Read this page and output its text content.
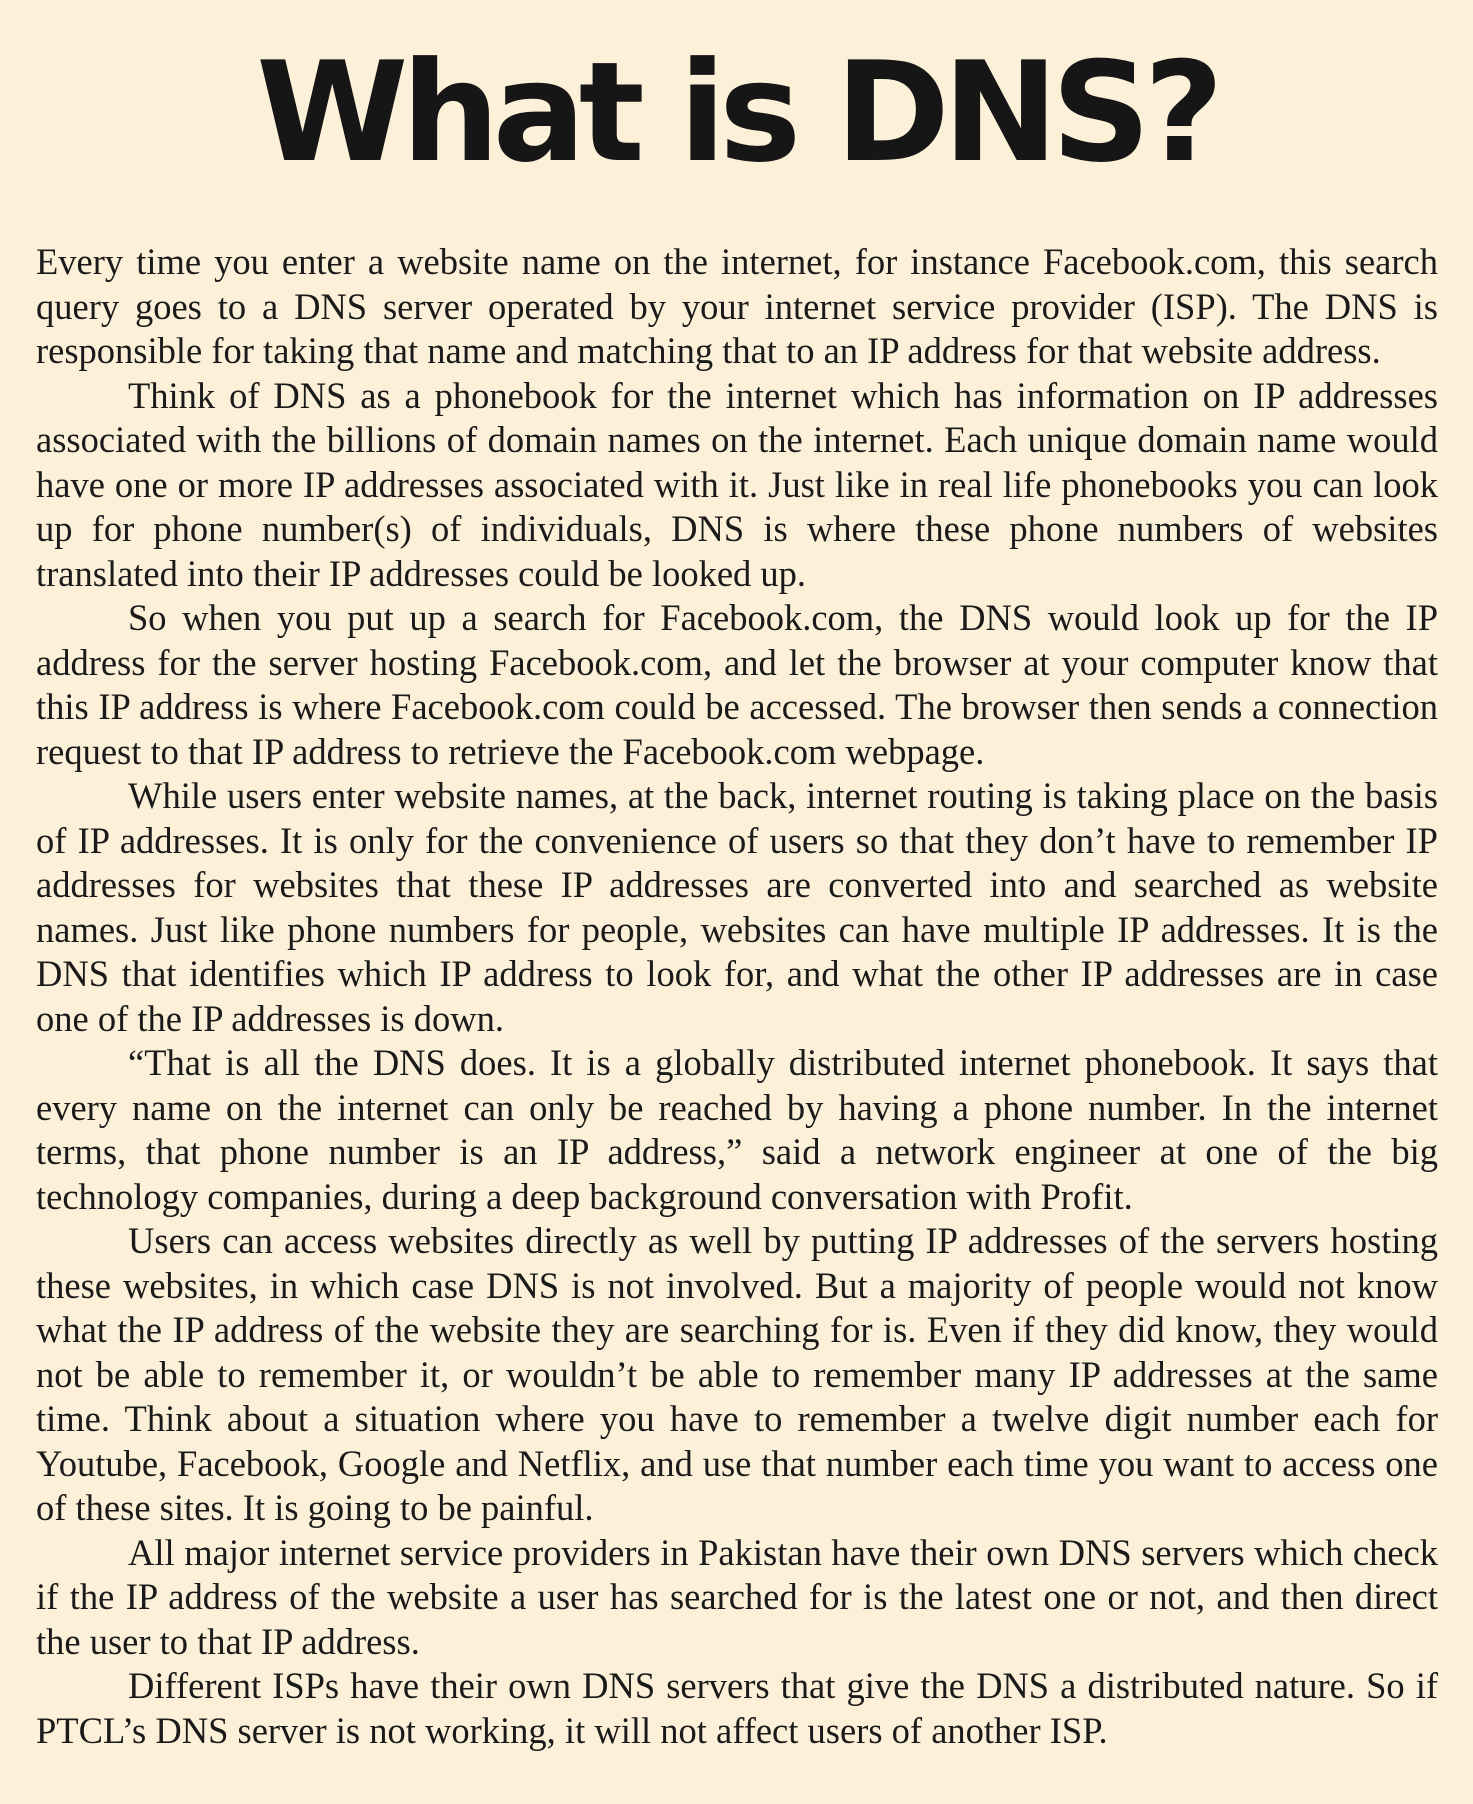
What is DNS?

Every time you enter a website name on the internet, for instance Facebook.com, this search query goes to a DNS server operated by your internet service provider (ISP). The DNS is responsible for taking that name and matching that to an IP address for that website address.

Think of DNS as a phonebook for the internet which has information on IP addresses associated with the billions of domain names on the internet. Each unique domain name would have one or more IP addresses associated with it. Just like in real life phonebooks you can look up for phone number(s) of individuals, DNS is where these phone numbers of websites translated into their IP addresses could be looked up.

So when you put up a search for Facebook.com, the DNS would look up for the IP address for the server hosting Facebook.com, and let the browser at your computer know that this IP address is where Facebook.com could be accessed. The browser then sends a connection request to that IP address to retrieve the Facebook.com webpage.

While users enter website names, at the back, internet routing is taking place on the basis of IP addresses. It is only for the convenience of users so that they don’t have to remember IP addresses for websites that these IP addresses are converted into and searched as website names. Just like phone numbers for people, websites can have multiple IP addresses. It is the DNS that identifies which IP address to look for, and what the other IP addresses are in case one of the IP addresses is down.

“That is all the DNS does. It is a globally distributed internet phonebook. It says that every name on the internet can only be reached by having a phone number. In the internet terms, that phone number is an IP address,” said a network engineer at one of the big technology companies, during a deep background conversation with Profit.

Users can access websites directly as well by putting IP addresses of the servers hosting these websites, in which case DNS is not involved. But a majority of people would not know what the IP address of the website they are searching for is. Even if they did know, they would not be able to remember it, or wouldn’t be able to remember many IP addresses at the same time. Think about a situation where you have to remember a twelve digit number each for Youtube, Facebook, Google and Netflix, and use that number each time you want to access one of these sites. It is going to be painful.

All major internet service providers in Pakistan have their own DNS servers which check if the IP address of the website a user has searched for is the latest one or not, and then direct the user to that IP address.

Different ISPs have their own DNS servers that give the DNS a distributed nature. So if PTCL’s DNS server is not working, it will not affect users of another ISP.
